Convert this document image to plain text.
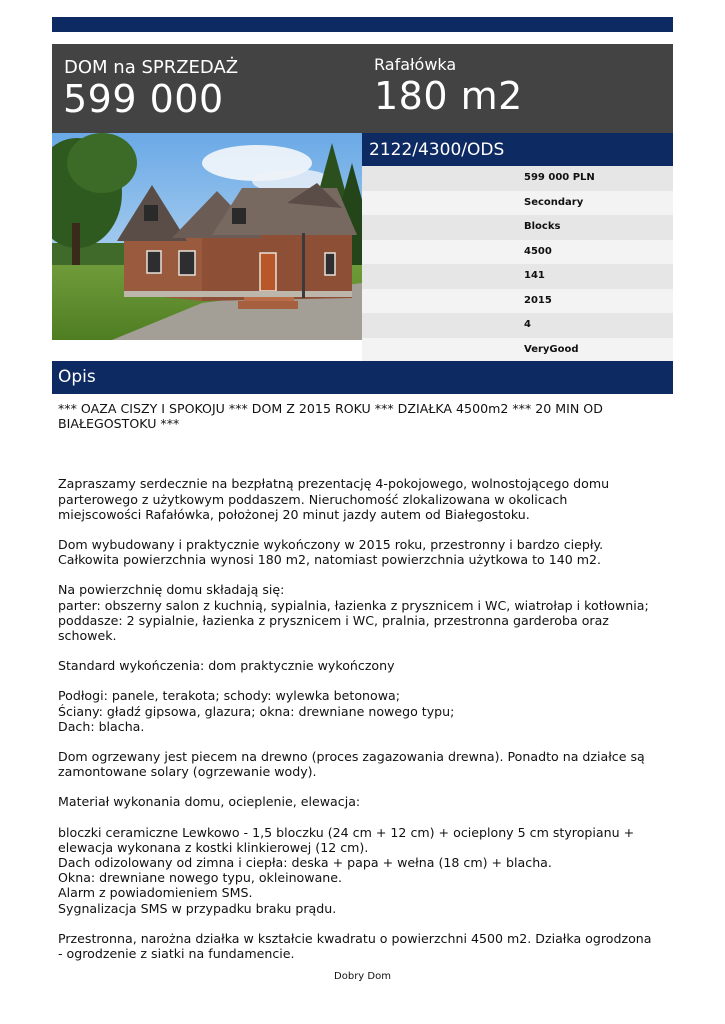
DOM na SPRZEDAŻ
599 000
Rafałówka
180 m2
2122/4300/ODS
599 000 PLN
Secondary
Blocks
4500
141
2015
4
VeryGood
Opis

*** OAZA CISZY I SPOKOJU *** DOM Z 2015 ROKU *** DZIAŁKA 4500m2 *** 20 MIN OD BIAŁEGOSTOKU ***

Zapraszamy serdecznie na bezpłatną prezentację 4-pokojowego, wolnostojącego domu parterowego z użytkowym poddaszem. Nieruchomość zlokalizowana w okolicach miejscowości Rafałówka, położonej 20 minut jazdy autem od Białegostoku.

Dom wybudowany i praktycznie wykończony w 2015 roku, przestronny i bardzo ciepły. Całkowita powierzchnia wynosi 180 m2, natomiast powierzchnia użytkowa to 140 m2.

Na powierzchnię domu składają się:
parter: obszerny salon z kuchnią, sypialnia, łazienka z prysznicem i WC, wiatrołap i kotłownia;
poddasze: 2 sypialnie, łazienka z prysznicem i WC, pralnia, przestronna garderoba oraz schowek.

Standard wykończenia: dom praktycznie wykończony

Podłogi: panele, terakota; schody: wylewka betonowa;
Ściany: gładź gipsowa, glazura; okna: drewniane nowego typu;
Dach: blacha.

Dom ogrzewany jest piecem na drewno (proces zagazowania drewna). Ponadto na działce są zamontowane solary (ogrzewanie wody).

Materiał wykonania domu, ocieplenie, elewacja:

bloczki ceramiczne Lewkowo - 1,5 bloczku (24 cm + 12 cm) + ocieplony 5 cm styropianu + elewacja wykonana z kostki klinkierowej (12 cm).
Dach odizolowany od zimna i ciepła: deska + papa + wełna (18 cm) + blacha.
Okna: drewniane nowego typu, okleinowane.
Alarm z powiadomieniem SMS.
Sygnalizacja SMS w przypadku braku prądu.

Przestronna, narożna działka w kształcie kwadratu o powierzchni 4500 m2. Działka ogrodzona - ogrodzenie z siatki na fundamencie.

Dobry Dom
